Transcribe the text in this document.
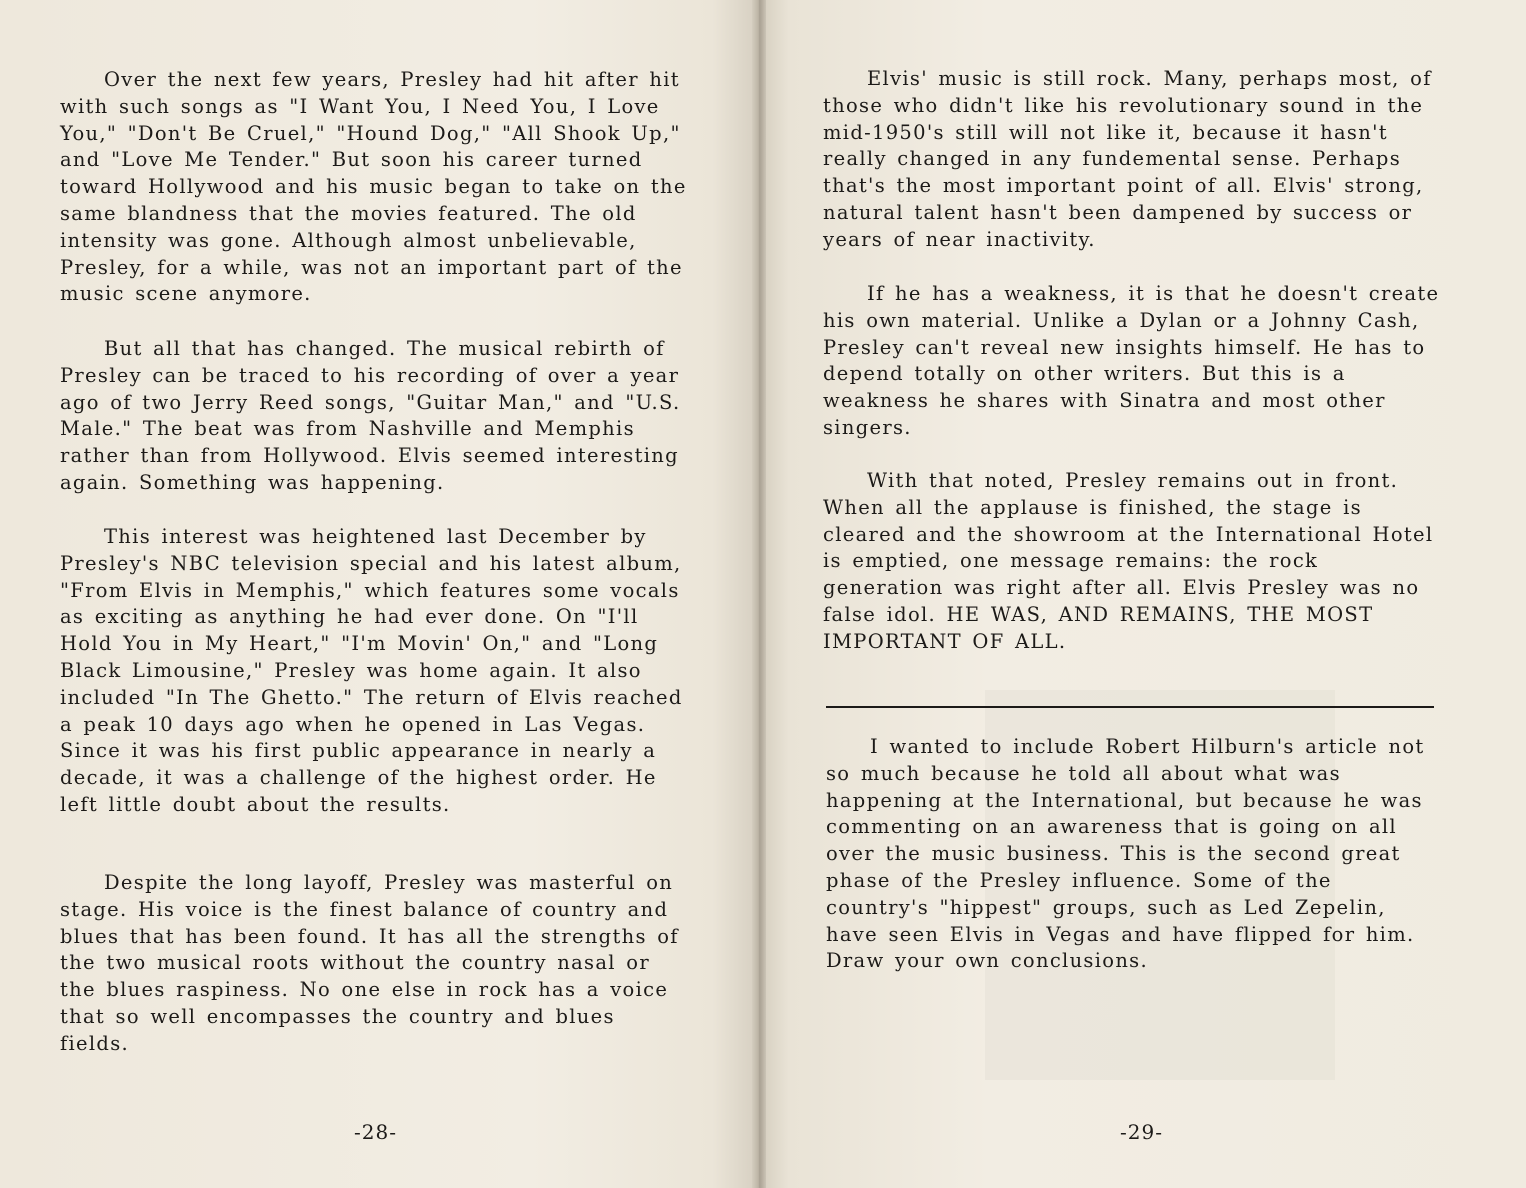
Over the next few years, Presley had hit after hit with such songs as "I Want You, I Need You, I Love You," "Don't Be Cruel," "Hound Dog," "All Shook Up," and "Love Me Tender." But soon his career turned toward Hollywood and his music began to take on the same blandness that the movies featured. The old intensity was gone. Although almost unbelievable, Presley, for a while, was not an important part of the music scene anymore.

But all that has changed. The musical rebirth of Presley can be traced to his recording of over a year ago of two Jerry Reed songs, "Guitar Man," and "U.S. Male." The beat was from Nashville and Memphis rather than from Hollywood. Elvis seemed interesting again. Something was happening.

This interest was heightened last December by Presley's NBC television special and his latest album, "From Elvis in Memphis," which features some vocals as exciting as anything he had ever done. On "I'll Hold You in My Heart," "I'm Movin' On," and "Long Black Limousine," Presley was home again. It also included "In The Ghetto." The return of Elvis reached a peak 10 days ago when he opened in Las Vegas. Since it was his first public appearance in nearly a decade, it was a challenge of the highest order. He left little doubt about the results.

Despite the long layoff, Presley was masterful on stage. His voice is the finest balance of country and blues that has been found. It has all the strengths of the two musical roots without the country nasal or the blues raspiness. No one else in rock has a voice that so well encompasses the country and blues fields.

-28-

Elvis' music is still rock. Many, perhaps most, of those who didn't like his revolutionary sound in the mid-1950's still will not like it, because it hasn't really changed in any fundemental sense. Perhaps that's the most important point of all. Elvis' strong, natural talent hasn't been dampened by success or years of near inactivity.

If he has a weakness, it is that he doesn't create his own material. Unlike a Dylan or a Johnny Cash, Presley can't reveal new insights himself. He has to depend totally on other writers. But this is a weakness he shares with Sinatra and most other singers.

With that noted, Presley remains out in front. When all the applause is finished, the stage is cleared and the showroom at the International Hotel is emptied, one message remains: the rock generation was right after all. Elvis Presley was no false idol. HE WAS, AND REMAINS, THE MOST IMPORTANT OF ALL.

I wanted to include Robert Hilburn's article not so much because he told all about what was happening at the International, but because he was commenting on an awareness that is going on all over the music business. This is the second great phase of the Presley influence. Some of the country's "hippest" groups, such as Led Zepelin, have seen Elvis in Vegas and have flipped for him. Draw your own conclusions.

-29-
